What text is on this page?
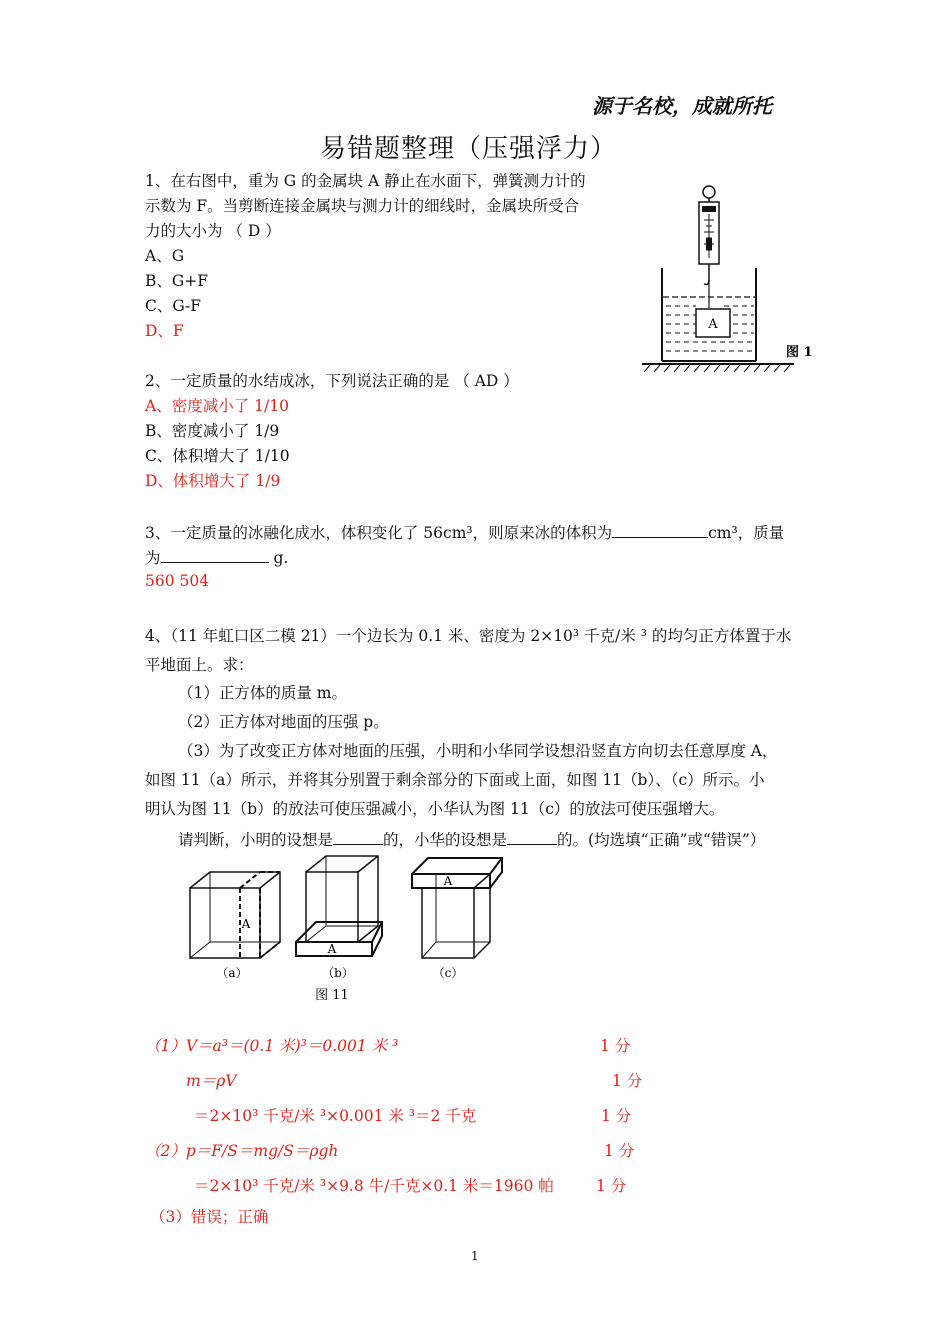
源于名校，成就所托
易错题整理（压强浮力）
1、在右图中，重为 G 的金属块 A 静止在水面下，弹簧测力计的
示数为 F。当剪断连接金属块与测力计的细线时，金属块所受合
力的大小为 （ D ）
A、G
B、G+F
C、G-F
D、F	A
图 1
2、一定质量的水结成冰，下列说法正确的是 （ AD ）
A、密度减小了 1/10
B、密度减小了 1/9
C、体积增大了 1/10
D、体积增大了 1/9
3、一定质量的冰融化成水，体积变化了 56cm³，则原来冰的体积为	cm³，质量
为	g.
560 504
4、（11 年虹口区二模 21）一个边长为 0.1 米、密度为 2×10³ 千克/米 ³ 的均匀正方体置于水
平地面上。求：
（1）正方体的质量 m。
（2）正方体对地面的压强 p。
（3）为了改变正方体对地面的压强，小明和小华同学设想沿竖直方向切去任意厚度 A，
如图 11（a）所示，并将其分别置于剩余部分的下面或上面，如图 11（b）、（c）所示。小
明认为图 11（b）的放法可使压强减小，小华认为图 11（c）的放法可使压强增大。
请判断，小明的设想是	的，小华的设想是	的。(均选填“正确”或“错误”）
A
A
A
（a）	（b）	（c）
图 11
（1）V＝a³＝(0.1 米)³＝0.001 米 ³	1 分
m＝ρV	1 分
＝2×10³ 千克/米 ³×0.001 米 ³＝2 千克	1 分
（2）p＝F/S＝mg/S＝ρgh	1 分
＝2×10³ 千克/米 ³×9.8 牛/千克×0.1 米＝1960 帕	1 分
（3）错误；正确
1
